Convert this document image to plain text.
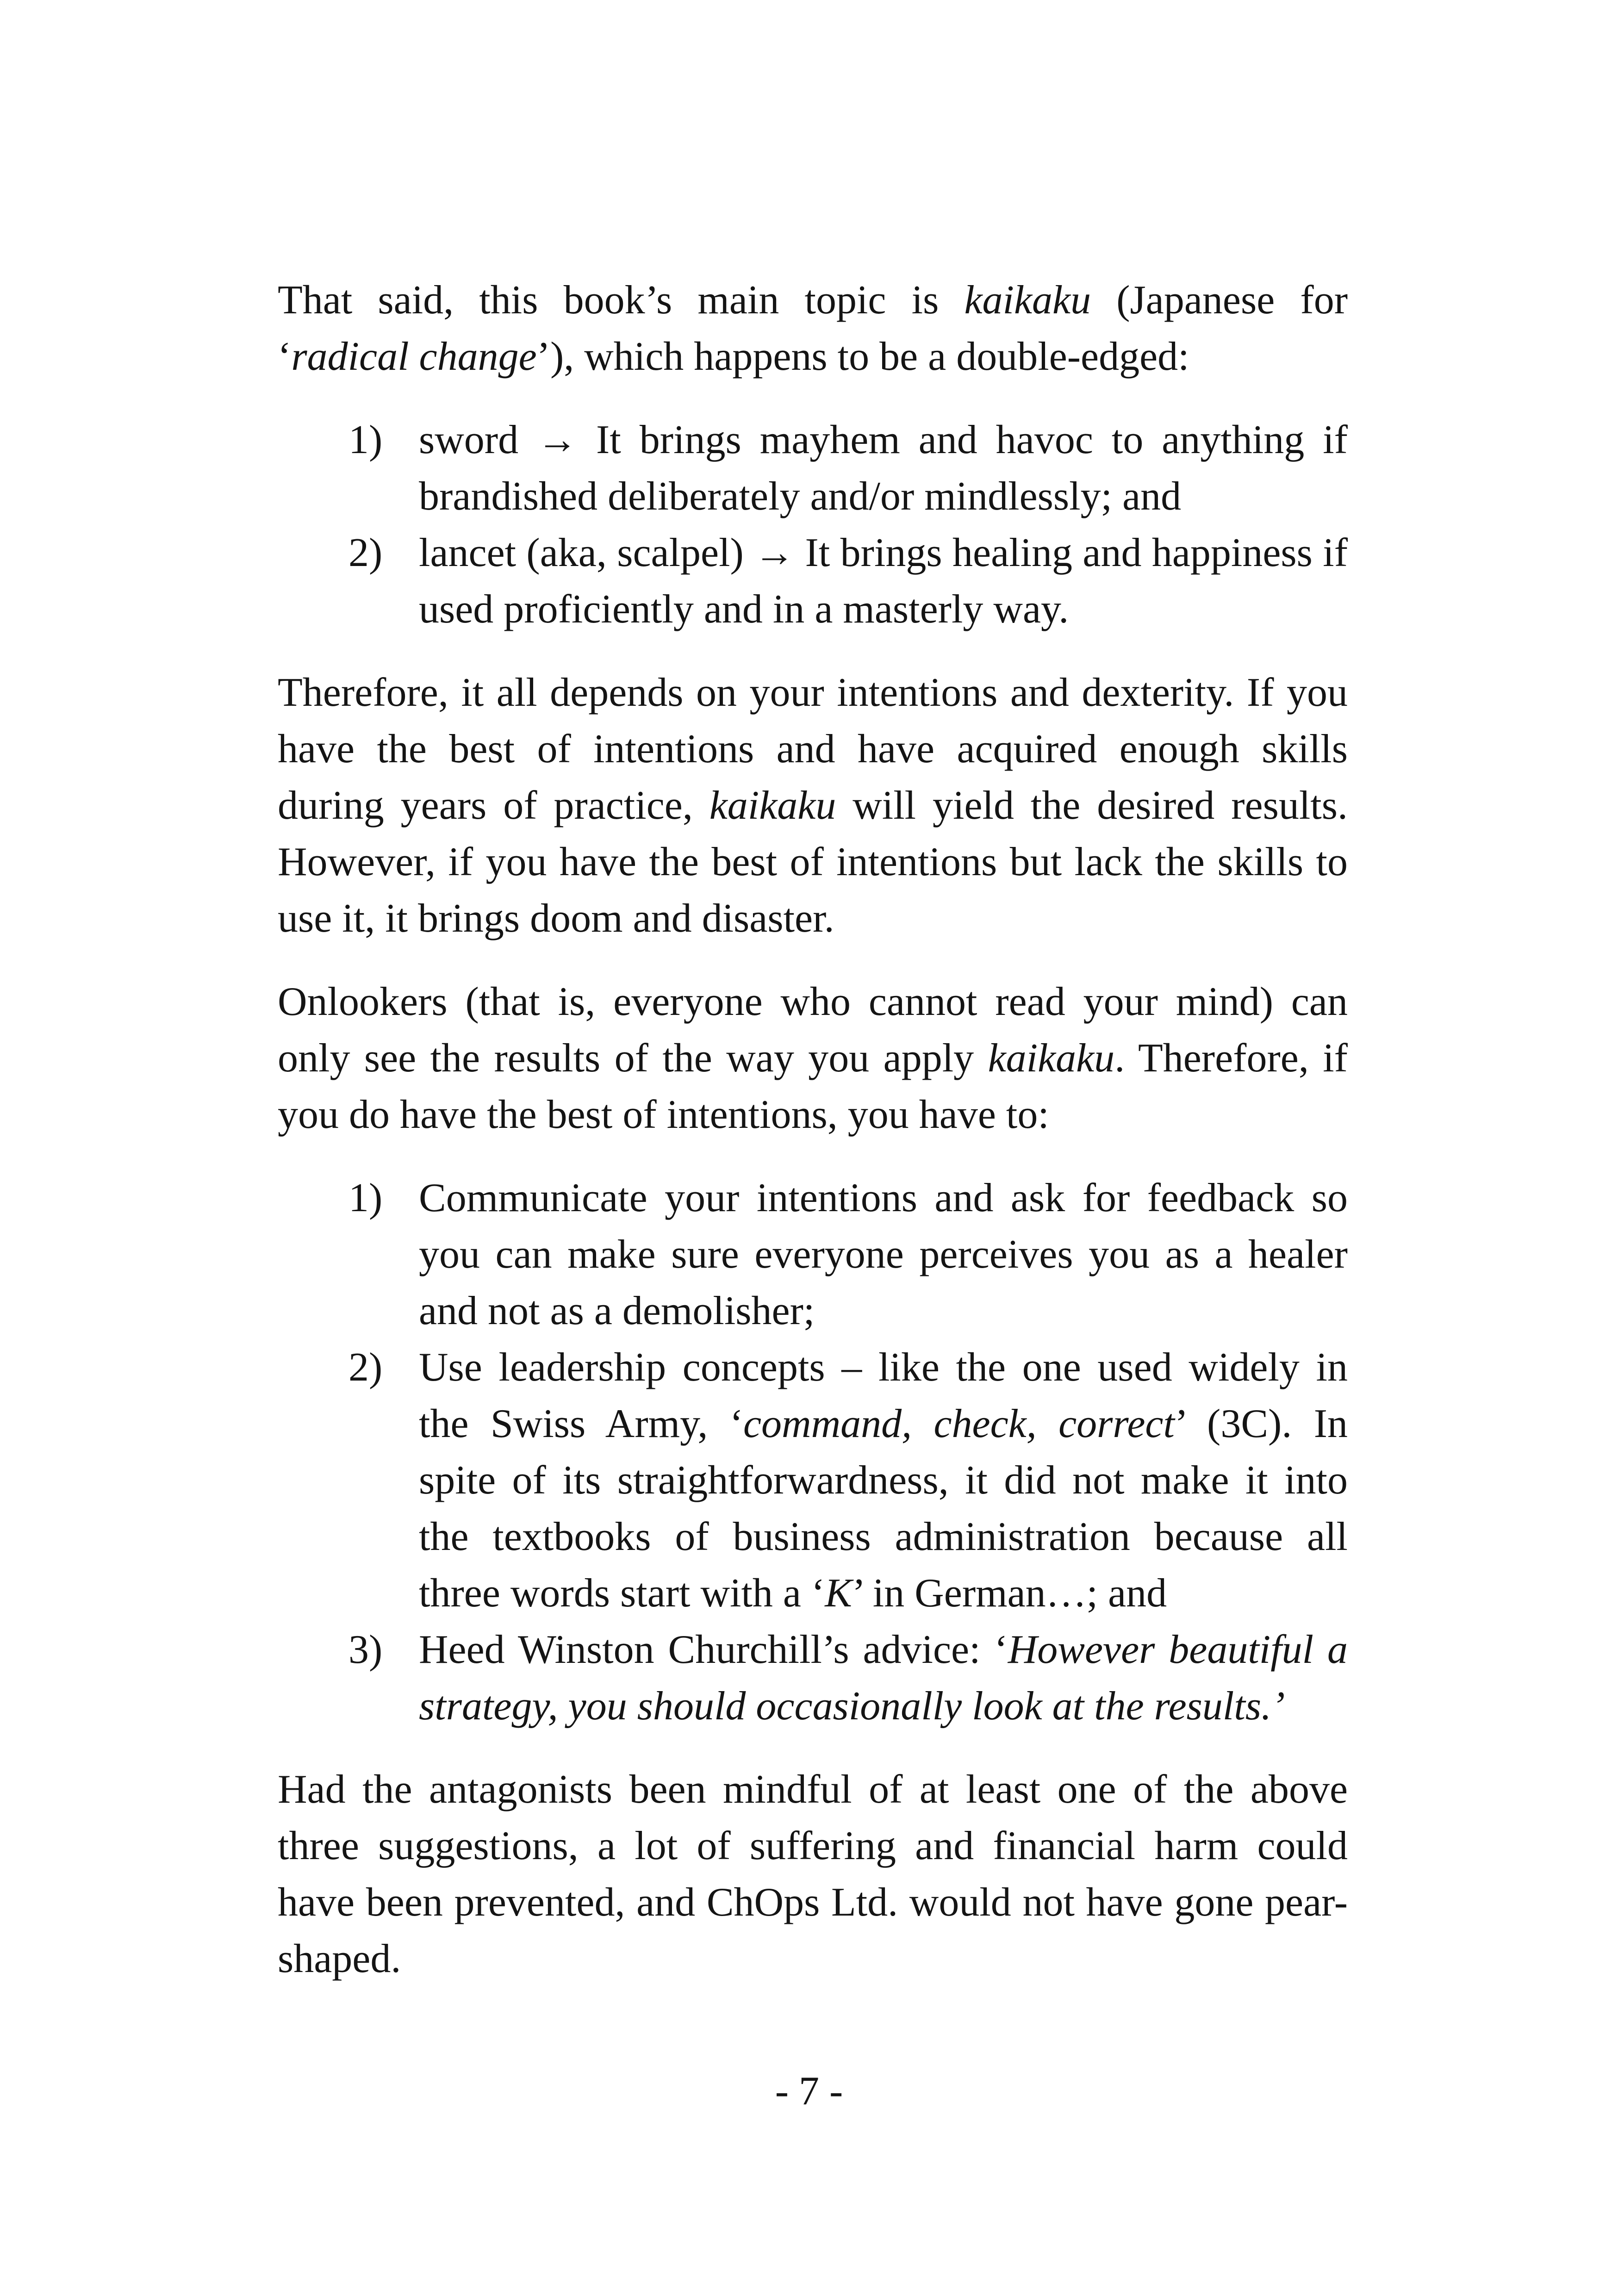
That said, this book’s main topic is kaikaku (Japanese for ‘radical change’), which happens to be a double-edged:

1) sword → It brings mayhem and havoc to anything if brandished deliberately and/or mindlessly; and
2) lancet (aka, scalpel) → It brings healing and happiness if used proficiently and in a masterly way.

Therefore, it all depends on your intentions and dexterity. If you have the best of intentions and have acquired enough skills during years of practice, kaikaku will yield the desired results. However, if you have the best of intentions but lack the skills to use it, it brings doom and disaster.

Onlookers (that is, everyone who cannot read your mind) can only see the results of the way you apply kaikaku. Therefore, if you do have the best of intentions, you have to:

1) Communicate your intentions and ask for feedback so you can make sure everyone perceives you as a healer and not as a demolisher;
2) Use leadership concepts – like the one used widely in the Swiss Army, ‘command, check, correct’ (3C). In spite of its straightforwardness, it did not make it into the textbooks of business administration because all three words start with a ‘K’ in German…; and
3) Heed Winston Churchill’s advice: ‘However beautiful a strategy, you should occasionally look at the results.’

Had the antagonists been mindful of at least one of the above three suggestions, a lot of suffering and financial harm could have been prevented, and ChOps Ltd. would not have gone pear-shaped.

- 7 -
